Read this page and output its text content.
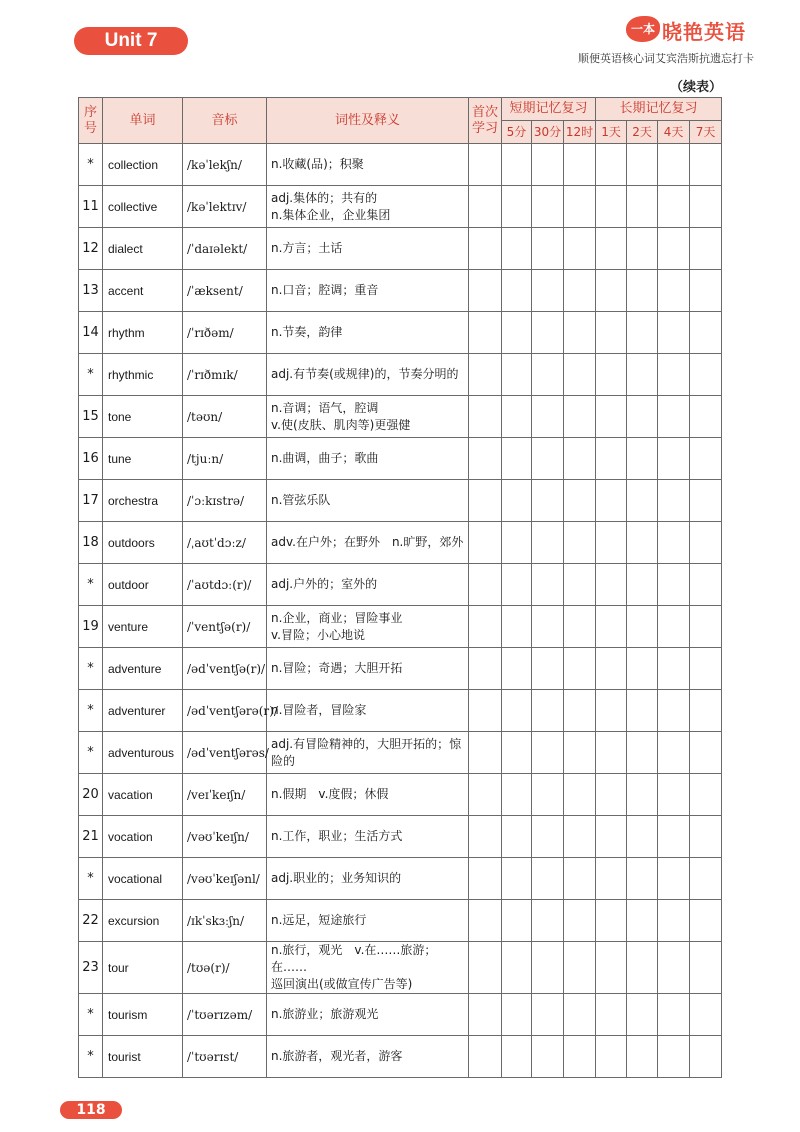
Unit 7
一本 晓艳英语
顺便英语核心词艾宾浩斯抗遗忘打卡
（续表）
序号	单词	音标	词性及释义	首次学习	短期记忆复习			长期记忆复习			
					5分	30分	12时	1天	2天	4天	7天
*	collection	/kəˈlekʃn/	n.收藏(品)；积聚								

11	collective	/kəˈlektɪv/	adj.集体的；共有的
n.集体企业，企业集团								

12	dialect	/ˈdaɪəlekt/	n.方言；土话								

13	accent	/ˈæksent/	n.口音；腔调；重音								

14	rhythm	/ˈrɪðəm/	n.节奏，韵律								

*	rhythmic	/ˈrɪðmɪk/	adj.有节奏(或规律)的，节奏分明的								

15	tone	/təʊn/	n.音调；语气，腔调
v.使(皮肤、肌肉等)更强健								

16	tune	/tjuːn/	n.曲调，曲子；歌曲								

17	orchestra	/ˈɔːkɪstrə/	n.管弦乐队								

18	outdoors	/ˌaʊtˈdɔːz/	adv.在户外；在野外　n.旷野，郊外								

*	outdoor	/ˈaʊtdɔː(r)/	adj.户外的；室外的								

19	venture	/ˈventʃə(r)/	n.企业，商业；冒险事业
v.冒险；小心地说								

*	adventure	/ədˈventʃə(r)/	n.冒险；奇遇；大胆开拓								

*	adventurer	/ədˈventʃərə(r)/	n.冒险者，冒险家								

*	adventurous	/ədˈventʃərəs/	adj.有冒险精神的，大胆开拓的；惊
险的								

20	vacation	/veɪˈkeɪʃn/	n.假期　v.度假；休假								

21	vocation	/vəʊˈkeɪʃn/	n.工作，职业；生活方式								

*	vocational	/vəʊˈkeɪʃənl/	adj.职业的；业务知识的								

22	excursion	/ɪkˈskɜːʃn/	n.远足，短途旅行								

23	tour	/tʊə(r)/	n.旅行，观光　v.在……旅游；在……
巡回演出(或做宣传广告等)								

*	tourism	/ˈtʊərɪzəm/	n.旅游业；旅游观光								

*	tourist	/ˈtʊərɪst/	n.旅游者，观光者，游客								

118
